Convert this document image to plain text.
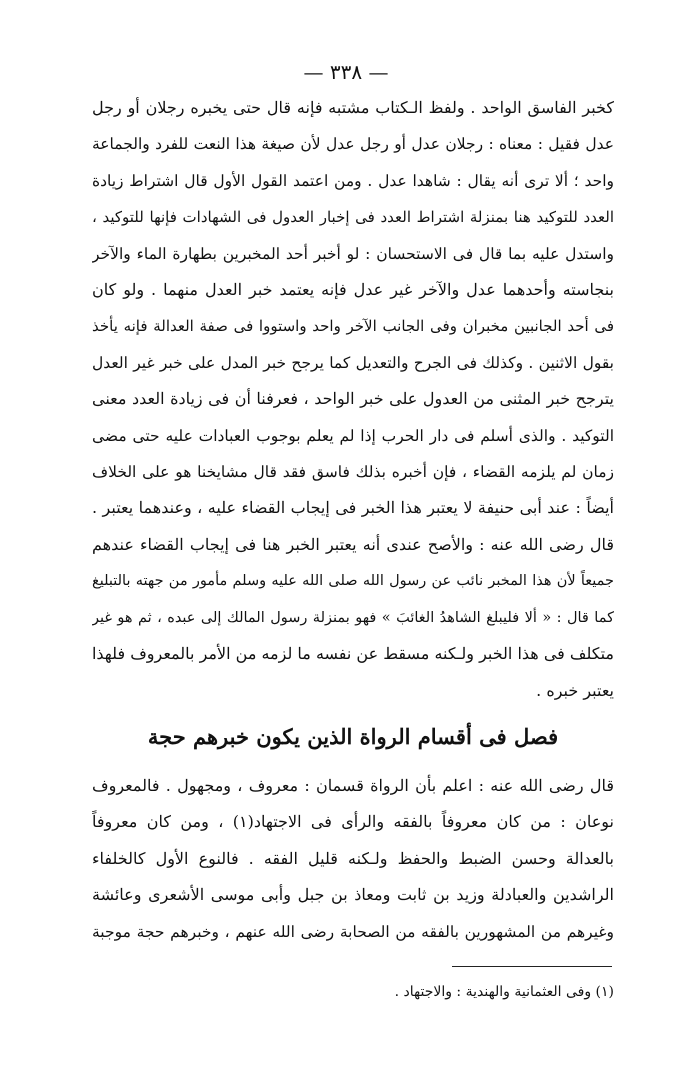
— ٣٣٨ —
كخبر الفاسق الواحد . ولفظ الـكتاب مشتبه فإنه قال حتى يخبره رجلان أو رجل
عدل فقيل : معناه : رجلان عدل أو رجل عدل لأن صيغة هذا النعت للفرد والجماعة
واحد ؛ ألا ترى أنه يقال : شاهدا عدل . ومن اعتمد القول الأول قال اشتراط زيادة
العدد للتوكيد هنا بمنزلة اشتراط العدد فى إخبار العدول فى الشهادات فإنها للتوكيد ،
واستدل عليه بما قال فى الاستحسان : لو أخبر أحد المخبرين بطهارة الماء والآخر
بنجاسته وأحدهما عدل والآخر غير عدل فإنه يعتمد خبر العدل منهما . ولو كان
فى أحد الجانبين مخبران وفى الجانب الآخر واحد واستووا فى صفة العدالة فإنه يأخذ
بقول الاثنين . وكذلك فى الجرح والتعديل كما يرجح خبر المدل على خبر غير العدل
يترجح خبر المثنى من العدول على خبر الواحد ، فعرفنا أن فى زيادة العدد معنى
التوكيد . والذى أسلم فى دار الحرب إذا لم يعلم بوجوب العبادات عليه حتى مضى
زمان لم يلزمه القضاء ، فإن أخبره بذلك فاسق فقد قال مشايخنا هو على الخلاف
أيضاً : عند أبى حنيفة لا يعتبر هذا الخبر فى إيجاب القضاء عليه ، وعندهما يعتبر .
قال رضى الله عنه : والأصح عندى أنه يعتبر الخبر هنا فى إيجاب القضاء عندهم
جميعاً لأن هذا المخبر نائب عن رسول الله صلى الله عليه وسلم مأمور من جهته بالتبليغ
كما قال : « ألا فليبلغ الشاهدُ الغائبَ » فهو بمنزلة رسول المالك إلى عبده ، ثم هو غير
متكلف فى هذا الخبر ولـكنه مسقط عن نفسه ما لزمه من الأمر بالمعروف فلهذا
يعتبر خبره .
فصل فى أقسام الرواة الذين يكون خبرهم حجة
قال رضى الله عنه : اعلم بأن الرواة قسمان : معروف ، ومجهول . فالمعروف
نوعان : من كان معروفاً بالفقه والرأى فى الاجتهاد(١) ، ومن كان معروفاً
بالعدالة وحسن الضبط والحفظ ولـكنه قليل الفقه . فالنوع الأول كالخلفاء
الراشدين والعبادلة وزيد بن ثابت ومعاذ بن جبل وأبى موسى الأشعرى وعائشة
وغيرهم من المشهورين بالفقه من الصحابة رضى الله عنهم ، وخبرهم حجة موجبة
(١) وفى العثمانية والهندية : والاجتهاد .
